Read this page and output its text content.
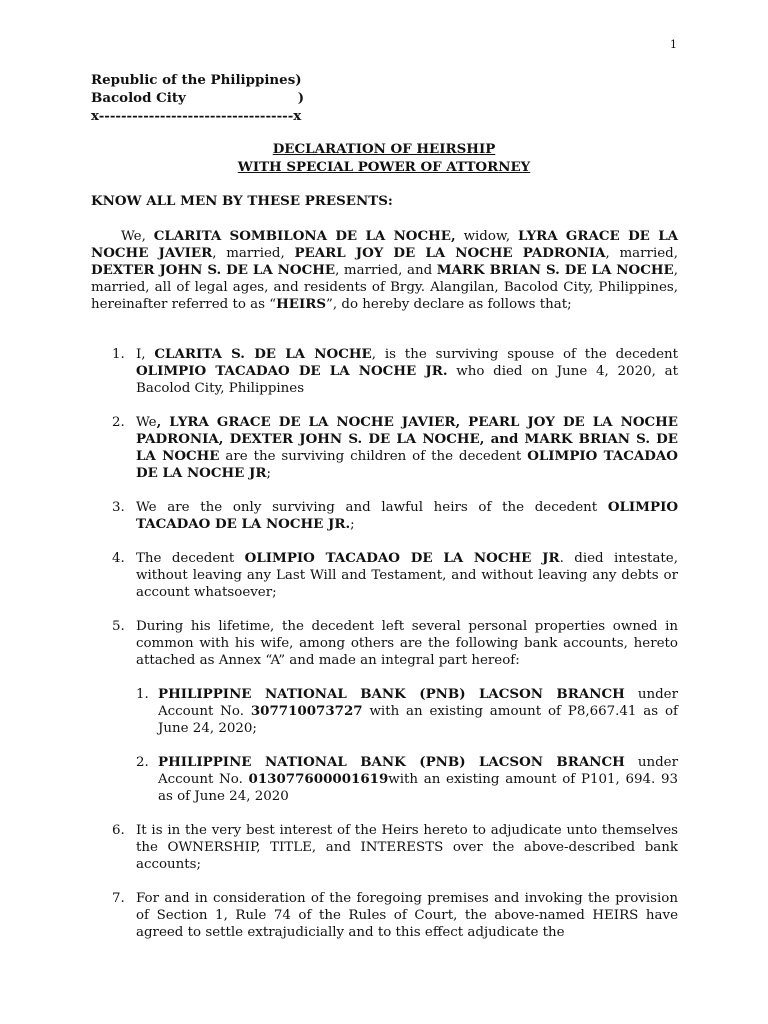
1
Republic of the Philippines)
Bacolod City                        )
x-----------------------------------x
DECLARATION OF HEIRSHIP
WITH SPECIAL POWER OF ATTORNEY
KNOW ALL MEN BY THESE PRESENTS:

We, CLARITA SOMBILONA DE LA NOCHE, widow, LYRA GRACE DE LA NOCHE JAVIER, married, PEARL JOY DE LA NOCHE PADRONIA, married, DEXTER JOHN S. DE LA NOCHE, married, and MARK BRIAN S. DE LA NOCHE, married, all of legal ages, and residents of Brgy. Alangilan, Bacolod City, Philippines, hereinafter referred to as “HEIRS”, do hereby declare as follows that;

1. I, CLARITA S. DE LA NOCHE, is the surviving spouse of the decedent OLIMPIO TACADAO DE LA NOCHE JR. who died on June 4, 2020, at Bacolod City, Philippines
2. We, LYRA GRACE DE LA NOCHE JAVIER, PEARL JOY DE LA NOCHE PADRONIA, DEXTER JOHN S. DE LA NOCHE, and MARK BRIAN S. DE LA NOCHE are the surviving children of the decedent OLIMPIO TACADAO DE LA NOCHE JR;
3. We are the only surviving and lawful heirs of the decedent OLIMPIO TACADAO DE LA NOCHE JR.;
4. The decedent OLIMPIO TACADAO DE LA NOCHE JR. died intestate, without leaving any Last Will and Testament, and without leaving any debts or account whatsoever;
5. During his lifetime, the decedent left several personal properties owned in common with his wife, among others are the following bank accounts, hereto attached as Annex “A” and made an integral part hereof:
1. PHILIPPINE NATIONAL BANK (PNB) LACSON BRANCH under Account No. 307710073727 with an existing amount of P8,667.41 as of June 24, 2020;
2. PHILIPPINE NATIONAL BANK (PNB) LACSON BRANCH under Account No. 013077600001619with an existing amount of P101, 694. 93 as of June 24, 2020
6. It is in the very best interest of the Heirs hereto to adjudicate unto themselves the OWNERSHIP, TITLE, and INTERESTS over the above-described bank accounts;
7. For and in consideration of the foregoing premises and invoking the provision of Section 1, Rule 74 of the Rules of Court, the above-named HEIRS have agreed to settle extrajudicially and to this effect adjudicate the
